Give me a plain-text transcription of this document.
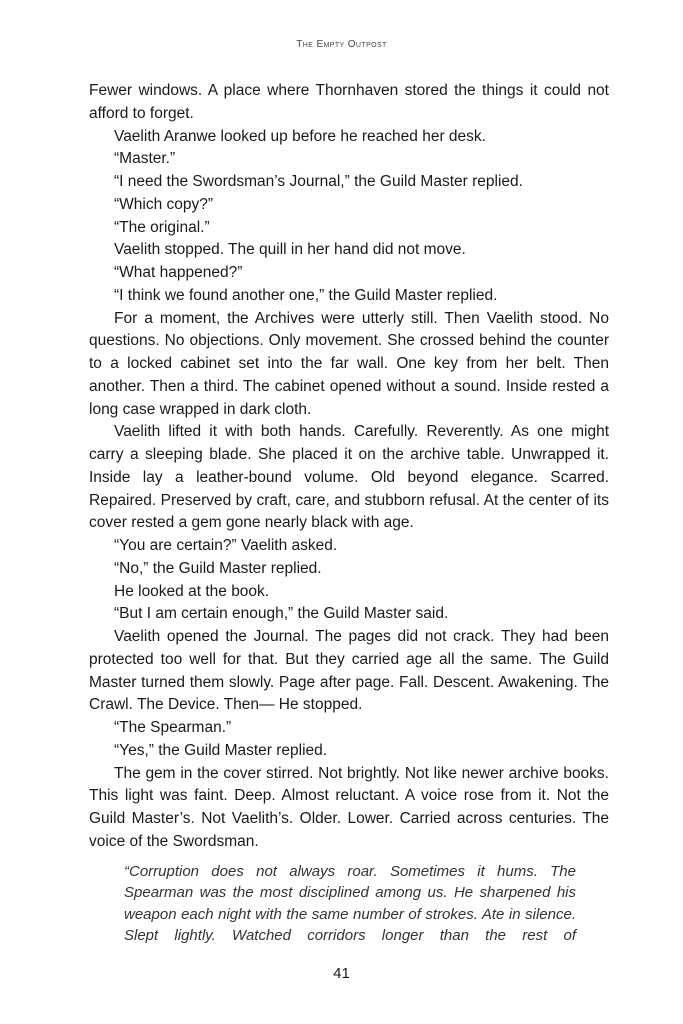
The Empty Outpost

Fewer windows. A place where Thornhaven stored the things it could not afford to forget.

Vaelith Aranwe looked up before he reached her desk.

“Master.”

“I need the Swordsman’s Journal,” the Guild Master replied.

“Which copy?”

“The original.”

Vaelith stopped. The quill in her hand did not move.

“What happened?”

“I think we found another one,” the Guild Master replied.

For a moment, the Archives were utterly still. Then Vaelith stood. No questions. No objections. Only movement. She crossed behind the counter to a locked cabinet set into the far wall. One key from her belt. Then another. Then a third. The cabinet opened without a sound. Inside rested a long case wrapped in dark cloth.

Vaelith lifted it with both hands. Carefully. Reverently. As one might carry a sleeping blade. She placed it on the archive table. Unwrapped it. Inside lay a leather-bound volume. Old beyond elegance. Scarred. Repaired. Preserved by craft, care, and stubborn refusal. At the center of its cover rested a gem gone nearly black with age.

“You are certain?” Vaelith asked.

“No,” the Guild Master replied.

He looked at the book.

“But I am certain enough,” the Guild Master said.

Vaelith opened the Journal. The pages did not crack. They had been protected too well for that. But they carried age all the same. The Guild Master turned them slowly. Page after page. Fall. Descent. Awakening. The Crawl. The Device. Then— He stopped.

“The Spearman.”

“Yes,” the Guild Master replied.

The gem in the cover stirred. Not brightly. Not like newer archive books. This light was faint. Deep. Almost reluctant. A voice rose from it. Not the Guild Master’s. Not Vaelith’s. Older. Lower. Carried across centuries. The voice of the Swordsman.

“Corruption does not always roar. Sometimes it hums. The Spearman was the most disciplined among us. He sharpened his weapon each night with the same number of strokes. Ate in silence. Slept lightly. Watched corridors longer than the rest of
41
